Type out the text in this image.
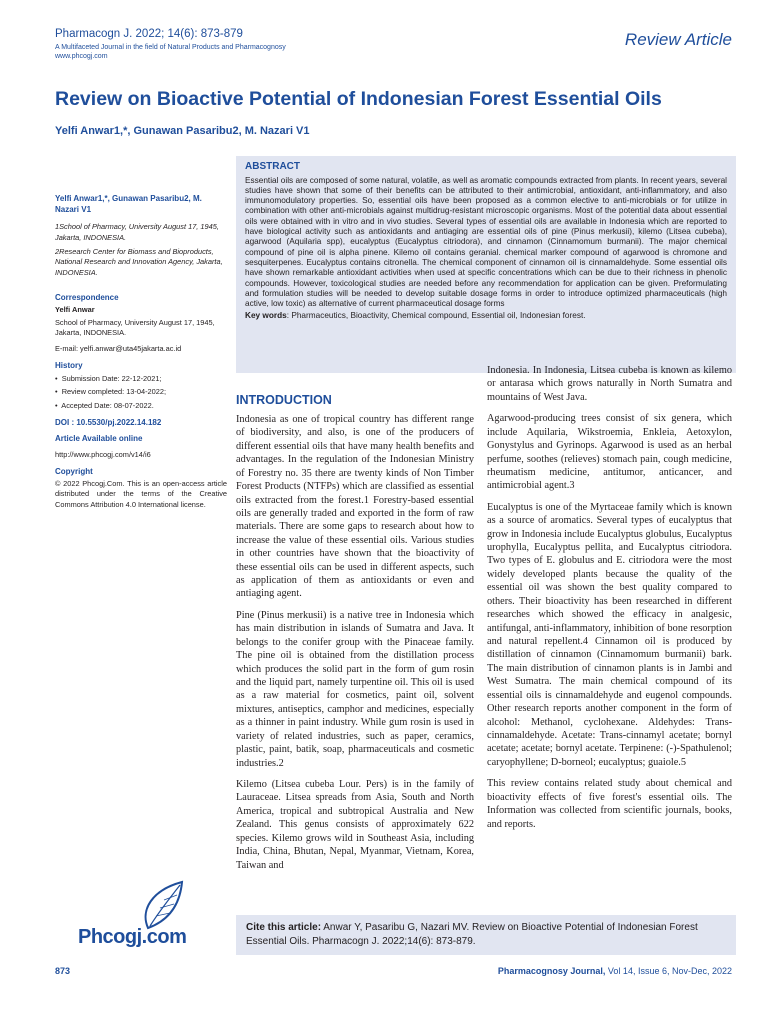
Pharmacogn J. 2022; 14(6): 873-879
A Multifaceted Journal in the field of Natural Products and Pharmacognosy
www.phcogj.com
Review Article
Review on Bioactive Potential of Indonesian Forest Essential Oils
Yelfi Anwar1,*, Gunawan Pasaribu2, M. Nazari V1
Yelfi Anwar1,*, Gunawan Pasaribu2, M. Nazari V1
1School of Pharmacy, University August 17, 1945, Jakarta, INDONESIA.
2Research Center for Biomass and Bioproducts, National Research and Innovation Agency, Jakarta, INDONESIA.
Correspondence
Yelfi Anwar
School of Pharmacy, University August 17, 1945, Jakarta, INDONESIA.
E-mail: yelfi.anwar@uta45jakarta.ac.id
History
•  Submission Date: 22-12-2021;
•  Review completed: 13-04-2022;
•  Accepted Date: 08-07-2022.
DOI : 10.5530/pj.2022.14.182
Article Available online
http://www.phcogj.com/v14/i6
Copyright
© 2022 Phcogj.Com. This is an open-access article distributed under the terms of the Creative Commons Attribution 4.0 International license.
Phcogj.com
ABSTRACT
Essential oils are composed of some natural, volatile, as well as aromatic compounds extracted from plants. In recent years, several studies have shown that some of their benefits can be attributed to their antimicrobial, antioxidant, anti-inflammatory, and also immunomodulatory properties. So, essential oils have been proposed as a common elective to anti-microbials or for utilize in combination with other anti-microbials against multidrug-resistant microscopic organisms. Most of the potential data about essential oils were obtained with in vitro and in vivo studies. Several types of essential oils are available in Indonesia which are reported to have biological activity such as antioxidants and antiaging are essential oils of pine (Pinus merkusii), kilemo (Litsea cubeba), agarwood (Aquilaria spp), eucalyptus (Eucalyptus citriodora), and cinnamon (Cinnamomum burmanii). The major chemical compound of pine oil is alpha pinene. Kilemo oil contains geranial. chemical marker compound of agarwood is chromone and sesquiterpenes. Eucalyptus contains citronella. The chemical component of cinnamon oil is cinnamaldehyde. Some essential oils have shown remarkable antioxidant activities when used at specific concentrations which can be due to their richness in phenolic compounds. However, toxicological studies are needed before any recommendation for application can be given. Preformulating and formulation studies will be needed to develop suitable dosage forms in order to introduce optimized pharmaceuticals (high active, low toxic) as alternative of current pharmaceutical dosage forms
Key words: Pharmaceutics, Bioactivity, Chemical compound, Essential oil, Indonesian forest.
INTRODUCTION

Indonesia as one of tropical country has different range of biodiversity, and also, is one of the producers of different essential oils that have many health benefits and advantages. In the regulation of the Indonesian Ministry of Forestry no. 35 there are twenty kinds of Non Timber Forest Products (NTFPs) which are classified as essential oils extracted from the forest.1 Forestry-based essential oils are generally traded and exported in the form of raw materials. There are some gaps to research about how to increase the value of these essential oils. Various studies in other countries have shown that the bioactivity of these essential oils can be used in different aspects, such as application of them as antioxidants or even and antiaging agent.

Pine (Pinus merkusii) is a native tree in Indonesia which has main distribution in islands of Sumatra and Java. It belongs to the conifer group with the Pinaceae family. The pine oil is obtained from the distillation process which produces the solid part in the form of gum rosin and the liquid part, namely turpentine oil. This oil is used as a raw material for cosmetics, paint oil, solvent mixtures, antiseptics, camphor and medicines, especially as a thinner in paint industry. While gum rosin is used in variety of related industries, such as paper, ceramics, plastic, paint, batik, soap, pharmaceuticals and cosmetic industries.2

Kilemo (Litsea cubeba Lour. Pers) is in the family of Lauraceae. Litsea spreads from Asia, South and North America, tropical and subtropical Australia and New Zealand. This genus consists of approximately 622 species. Kilemo grows wild in Southeast Asia, including India, China, Bhutan, Nepal, Myanmar, Vietnam, Korea, Taiwan and

Indonesia. In Indonesia, Litsea cubeba is known as kilemo or antarasa which grows naturally in North Sumatra and mountains of West Java.

Agarwood-producing trees consist of six genera, which include Aquilaria, Wikstroemia, Enkleia, Aetoxylon, Gonystylus and Gyrinops. Agarwood is used as an herbal perfume, soothes (relieves) stomach pain, cough medicine, rheumatism medicine, antitumor, anticancer, and antimicrobial agent.3

Eucalyptus is one of the Myrtaceae family which is known as a source of aromatics. Several types of eucalyptus that grow in Indonesia include Eucalyptus globulus, Eucalyptus urophylla, Eucalyptus pellita, and Eucalyptus citriodora. Two types of E. globulus and E. citriodora were the most widely developed plants because the quality of the essential oil was shown the best quality compared to others. Their bioactivity has been researched in different researches which showed the efficacy in analgesic, antifungal, anti-inflammatory, inhibition of bone resorption and natural repellent.4 Cinnamon oil is produced by distillation of cinnamon (Cinnamomum burmanii) bark. The main distribution of cinnamon plants is in Jambi and West Sumatra. The main chemical compound of its essential oils is cinnamaldehyde and eugenol compounds. Other research reports another component in the form of alcohol: Methanol, cyclohexane. Aldehydes: Trans-cinnamaldehyde. Acetate: Trans-cinnamyl acetate; bornyl acetate; acetate; bornyl acetate. Terpinene: (-)-Spathulenol; caryophyllene; D-borneol; eucalyptus; guaiole.5

This review contains related study about chemical and bioactivity effects of five forest's essential oils. The Information was collected from scientific journals, books, and reports.

Cite this article: Anwar Y, Pasaribu G, Nazari MV. Review on Bioactive Potential of Indonesian Forest Essential Oils. Pharmacogn J. 2022;14(6): 873-879.
873	Pharmacognosy Journal, Vol 14, Issue 6, Nov-Dec, 2022
